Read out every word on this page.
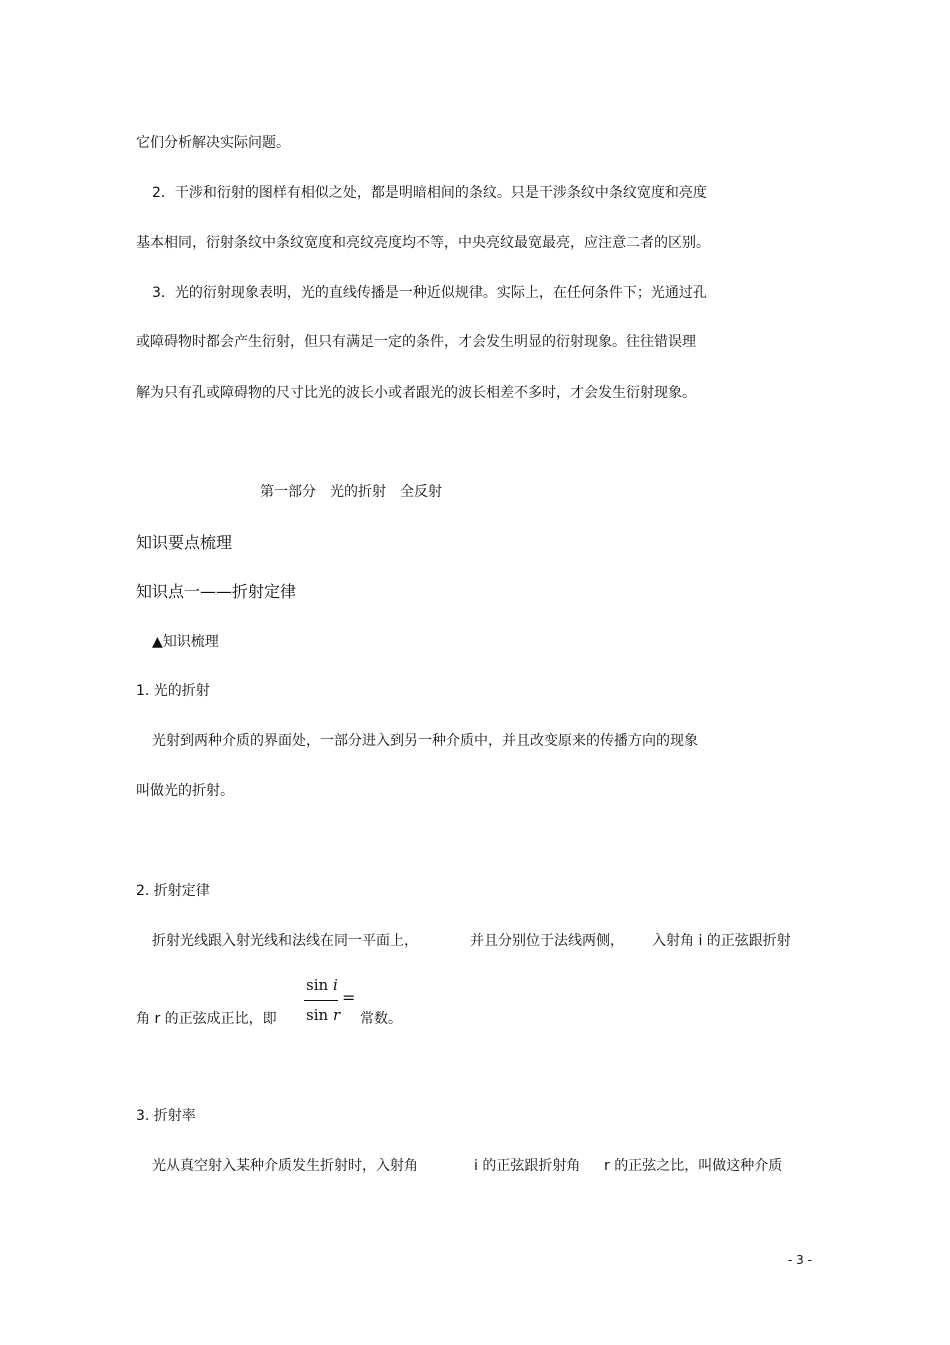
它们分析解决实际问题。
2．干涉和衍射的图样有相似之处，都是明暗相间的条纹。只是干涉条纹中条纹宽度和亮度
基本相同，衍射条纹中条纹宽度和亮纹亮度均不等，中央亮纹最宽最亮，应注意二者的区别。
3．光的衍射现象表明，光的直线传播是一种近似规律。实际上，在任何条件下；光通过孔
或障碍物时都会产生衍射，但只有满足一定的条件，才会发生明显的衍射现象。往往错误理
解为只有孔或障碍物的尺寸比光的波长小或者跟光的波长相差不多时，才会发生衍射现象。
第一部分　光的折射　全反射
知识要点梳理
知识点一——折射定律
▲知识梳理
1. 光的折射
光射到两种介质的界面处，一部分进入到另一种介质中，并且改变原来的传播方向的现象
叫做光的折射。
2. 折射定律
折射光线跟入射光线和法线在同一平面上，	并且分别位于法线两侧， 入射角 i 的正弦跟折射
角 r 的正弦成正比，即
sin i
sin r
=
常数。
3. 折射率
光从真空射入某种介质发生折射时，入射角	i 的正弦跟折射角 r 的正弦之比，叫做这种介质
- 3 -
